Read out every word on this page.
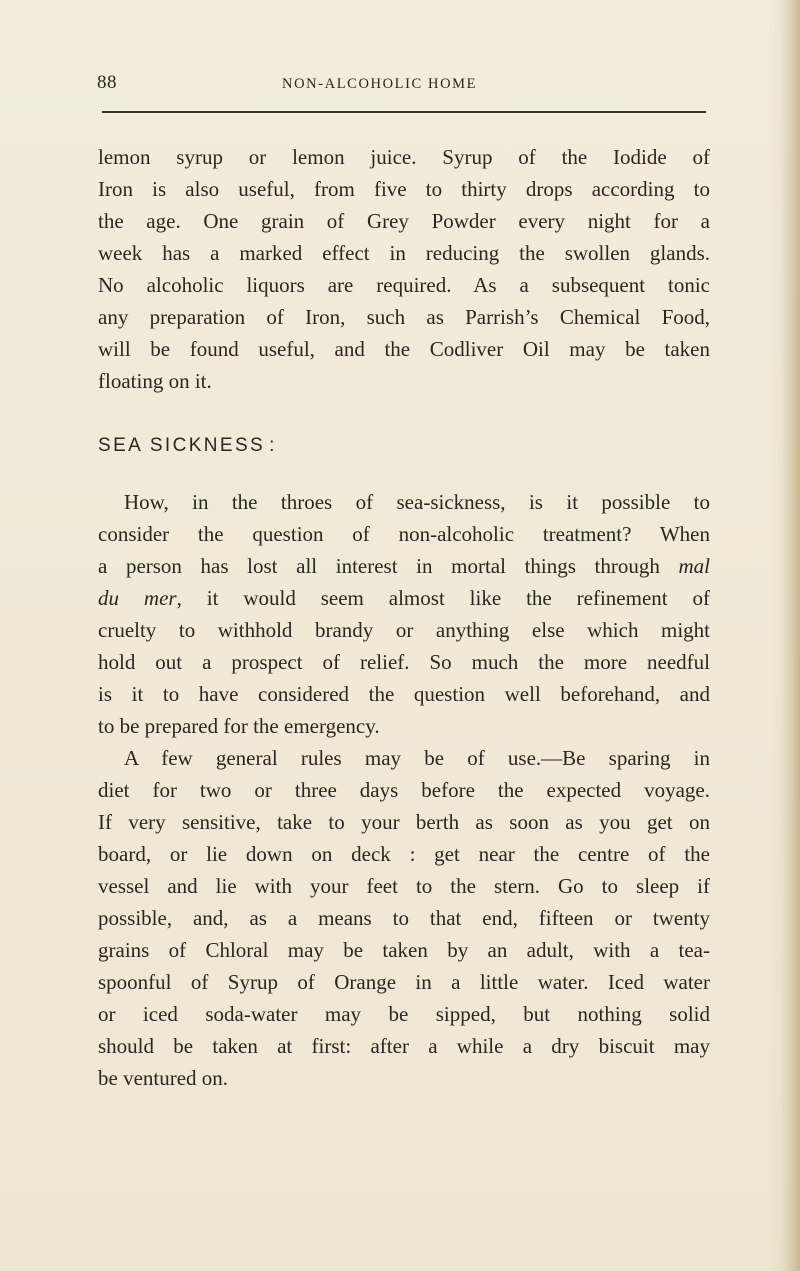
88	NON-ALCOHOLIC HOME
lemon syrup or lemon juice. Syrup of the Iodide of
Iron is also useful, from five to thirty drops according to
the age. One grain of Grey Powder every night for a
week has a marked effect in reducing the swollen glands.
No alcoholic liquors are required. As a subsequent tonic
any preparation of Iron, such as Parrish’s Chemical Food,
will be found useful, and the Codliver Oil may be taken
floating on it.
SEA SICKNESS :
How, in the throes of sea-sickness, is it possible to
consider the question of non-alcoholic treatment? When
a person has lost all interest in mortal things through mal
du mer, it would seem almost like the refinement of
cruelty to withhold brandy or anything else which might
hold out a prospect of relief. So much the more needful
is it to have considered the question well beforehand, and
to be prepared for the emergency.
A few general rules may be of use.—Be sparing in
diet for two or three days before the expected voyage.
If very sensitive, take to your berth as soon as you get on
board, or lie down on deck : get near the centre of the
vessel and lie with your feet to the stern. Go to sleep if
possible, and, as a means to that end, fifteen or twenty
grains of Chloral may be taken by an adult, with a tea-
spoonful of Syrup of Orange in a little water. Iced water
or iced soda-water may be sipped, but nothing solid
should be taken at first: after a while a dry biscuit may
be ventured on.
